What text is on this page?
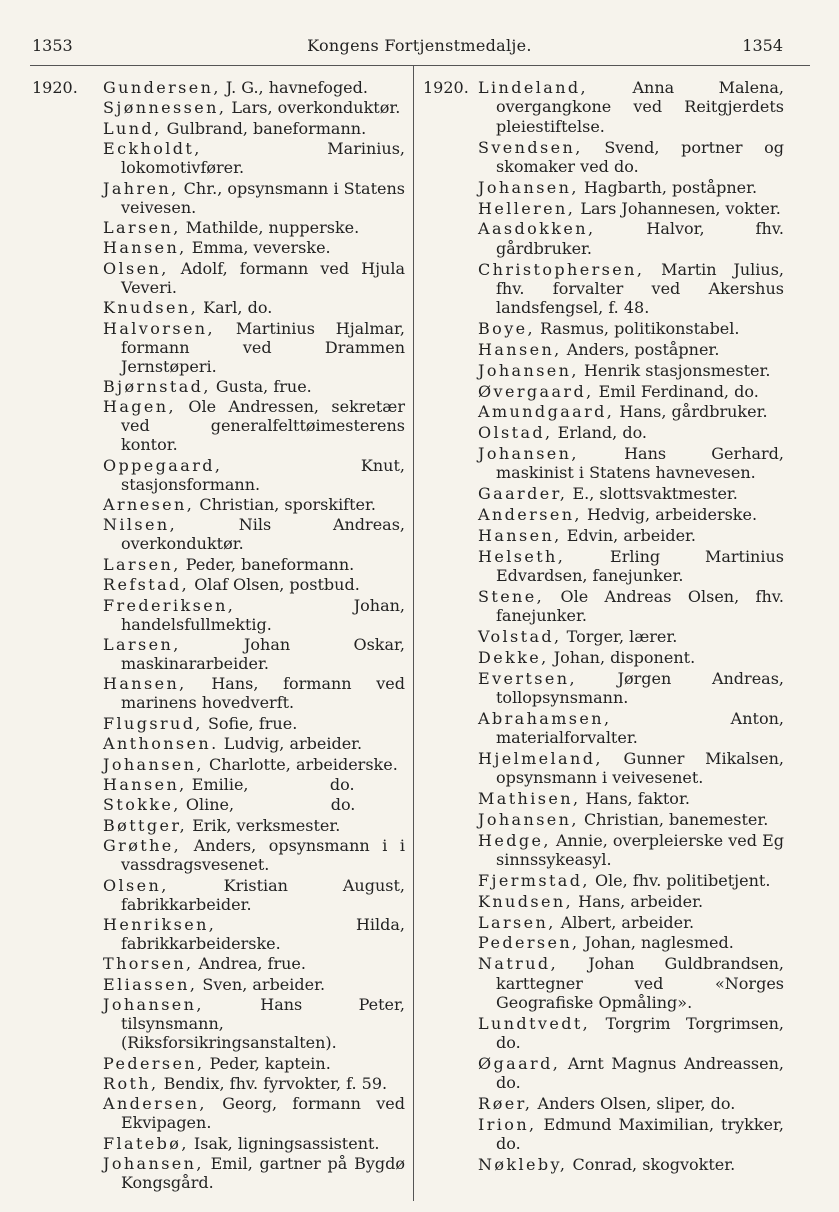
1353	Kongens Fortjenstmedalje.	1354
1920. Gundersen, J. G., havnefoged.
Sjønnessen, Lars, overkonduktør.
Lund, Gulbrand, baneformann.
Eckholdt, Marinius, lokomotivfører.
Jahren, Chr., opsynsmann i Statens veivesen.
Larsen, Mathilde, nupperske.
Hansen, Emma, veverske.
Olsen, Adolf, formann ved Hjula Veveri.
Knudsen, Karl, do.
Halvorsen, Martinius Hjalmar, formann ved Drammen Jernstøperi.
Bjørnstad, Gusta, frue.
Hagen, Ole Andressen, sekretær ved generalfelttøimesterens kontor.
Oppegaard, Knut, stasjonsformann.
Arnesen, Christian, sporskifter.
Nilsen, Nils Andreas, overkonduktør.
Larsen, Peder, baneformann.
Refstad, Olaf Olsen, postbud.
Frederiksen, Johan, handelsfullmektig.
Larsen, Johan Oskar, maskinararbeider.
Hansen, Hans, formann ved marinens hovedverft.
Flugsrud, Sofie, frue.
Anthonsen. Ludvig, arbeider.
Johansen, Charlotte, arbeiderske.
Hansen, Emilie,                do.
Stokke, Oline,                   do.
Bøttger, Erik, verksmester.
Grøthe, Anders, opsynsmann i i vassdragsvesenet.
Olsen, Kristian August, fabrikkarbeider.
Henriksen, Hilda, fabrikkarbeiderske.
Thorsen, Andrea, frue.
Eliassen, Sven, arbeider.
Johansen, Hans Peter, tilsynsmann, (Riksforsikringsanstalten).
Pedersen, Peder, kaptein.
Roth, Bendix, fhv. fyrvokter, f. 59.
Andersen, Georg, formann ved Ekvipagen.
Flatebø, Isak, ligningsassistent.
Johansen, Emil, gartner på Bygdø Kongsgård.
1920. Lindeland, Anna Malena, overgangkone ved Reitgjerdets pleiestiftelse.
Svendsen, Svend, portner og skomaker ved do.
Johansen, Hagbarth, poståpner.
Helleren, Lars Johannesen, vokter.
Aasdokken, Halvor, fhv. gårdbruker.
Christophersen, Martin Julius, fhv. forvalter ved Akershus landsfengsel, f. 48.
Boye, Rasmus, politikonstabel.
Hansen, Anders, poståpner.
Johansen, Henrik stasjonsmester.
Øvergaard, Emil Ferdinand, do.
Amundgaard, Hans, gårdbruker.
Olstad, Erland, do.
Johansen, Hans Gerhard, maskinist i Statens havnevesen.
Gaarder, E., slottsvaktmester.
Andersen, Hedvig, arbeiderske.
Hansen, Edvin, arbeider.
Helseth, Erling Martinius Edvardsen, fanejunker.
Stene, Ole Andreas Olsen, fhv. fanejunker.
Volstad, Torger, lærer.
Dekke, Johan, disponent.
Evertsen, Jørgen Andreas, tollopsynsmann.
Abrahamsen, Anton, materialforvalter.
Hjelmeland, Gunner Mikalsen, opsynsmann i veivesenet.
Mathisen, Hans, faktor.
Johansen, Christian, banemester.
Hedge, Annie, overpleierske ved Eg sinnssykeasyl.
Fjermstad, Ole, fhv. politibetjent.
Knudsen, Hans, arbeider.
Larsen, Albert, arbeider.
Pedersen, Johan, naglesmed.
Natrud, Johan Guldbrandsen, karttegner ved «Norges Geografiske Opmåling».
Lundtvedt, Torgrim Torgrimsen, do.
Øgaard, Arnt Magnus Andreassen, do.
Røer, Anders Olsen, sliper, do.
Irion, Edmund Maximilian, trykker, do.
Nøkleby, Conrad, skogvokter.
